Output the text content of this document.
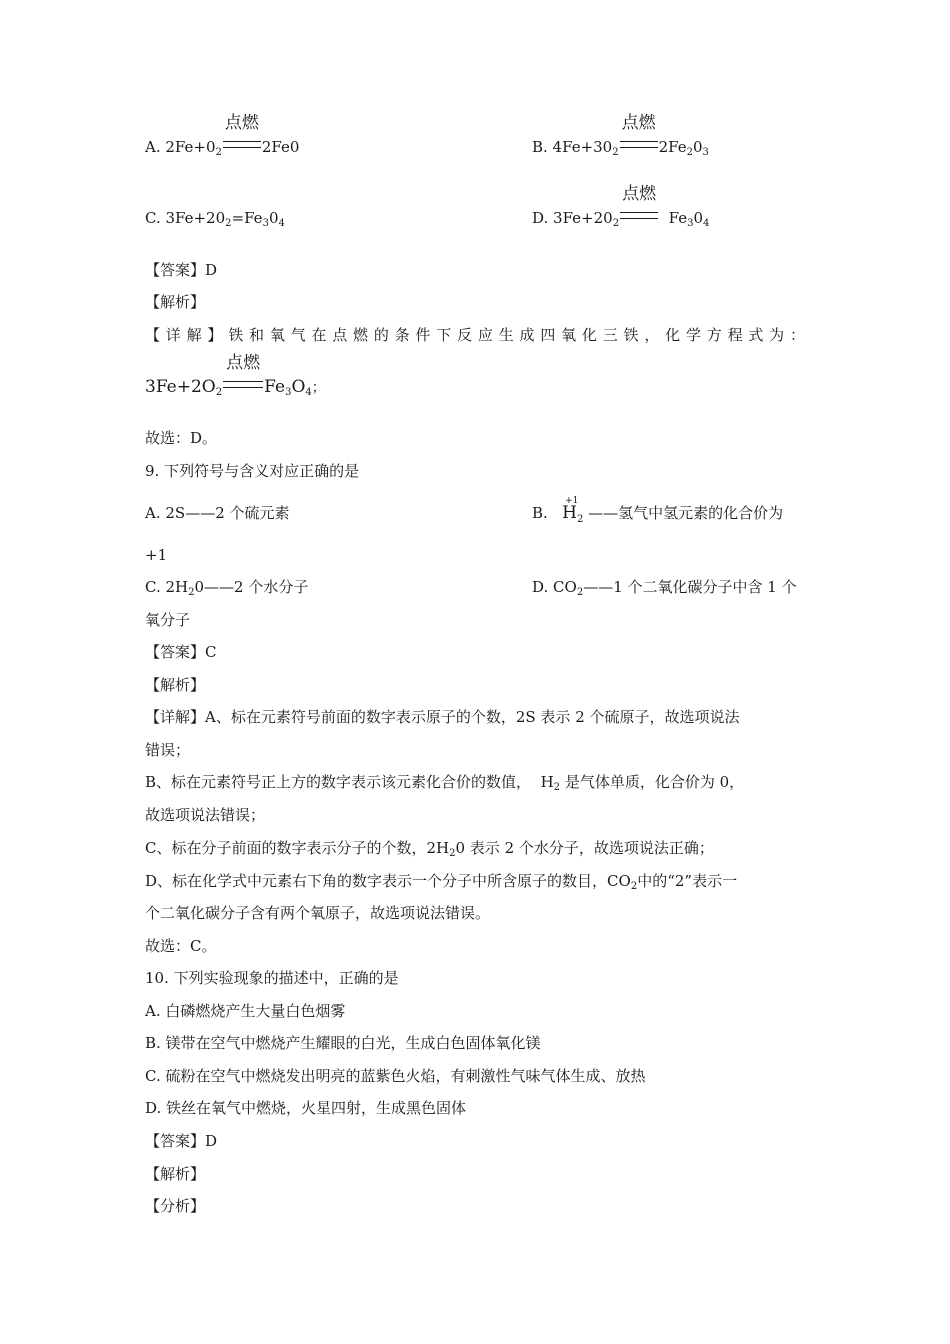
A. $2Fe+0_2$
点燃
2Fe0	B. $4Fe+30_2$
点燃
$2Fe_20_3$
C. $3Fe+20_2=Fe_30_4$	D. $3Fe+20_2$
点燃
$Fe_30_4$
【答案】D
【解析】
【详解】铁和氧气在点燃的条件下反应生成四氧化三铁，化学方程式为：
$3Fe+2O_2$
点燃
$Fe_3O_4$；
故选：D。
9. 下列符号与含义对应正确的是
A. 2S——2 个硫元素	B.
+1
$H_2$ ——氢气中氢元素的化合价为
+1
C. $2H_20——2$ 个水分子	D. $CO_2——1$ 个二氧化碳分子中含 1 个
氧分子
【答案】C
【解析】
【详解】A、标在元素符号前面的数字表示原子的个数，2S 表示 2 个硫原子，故选项说法
错误；
B、标在元素符号正上方的数字表示该元素化合价的数值， $H_2$ 是气体单质，化合价为 0，
故选项说法错误；
C、标在分子前面的数字表示分子的个数，$2H_20$ 表示 2 个水分子，故选项说法正确；
D、标在化学式中元素右下角的数字表示一个分子中所含原子的数目，$CO_2$中的“2”表示一
个二氧化碳分子含有两个氧原子，故选项说法错误。
故选：C。
10. 下列实验现象的描述中，正确的是
A. 白磷燃烧产生大量白色烟雾
B. 镁带在空气中燃烧产生耀眼的白光，生成白色固体氧化镁
C. 硫粉在空气中燃烧发出明亮的蓝紫色火焰，有刺激性气味气体生成、放热
D. 铁丝在氧气中燃烧，火星四射，生成黑色固体
【答案】D
【解析】
【分析】
